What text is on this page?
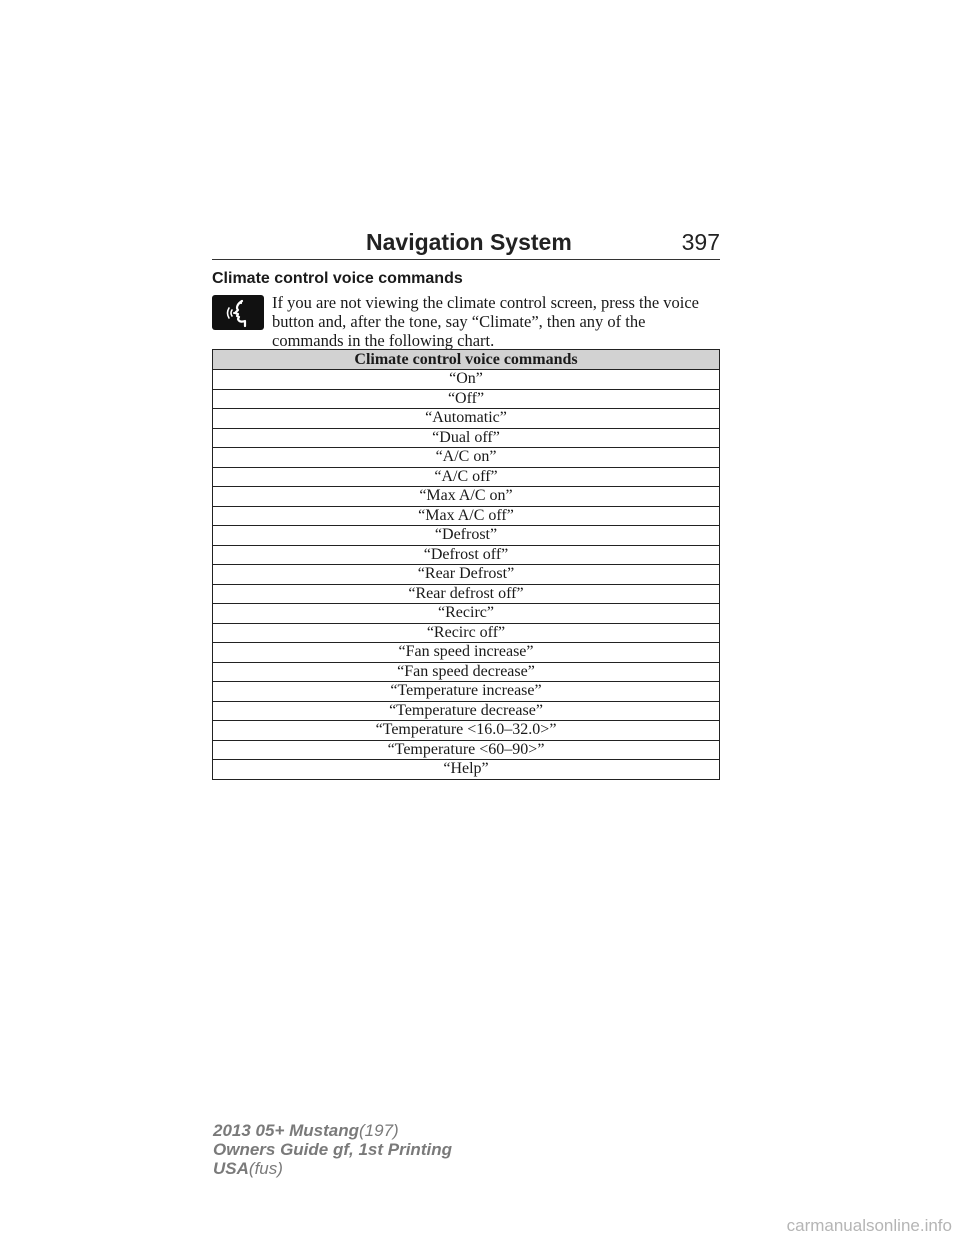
Navigation System	397
Climate control voice commands

If you are not viewing the climate control screen, press the voice button and, after the tone, say “Climate”, then any of the commands in the following chart.

Climate control voice commands
“On”
“Off”
“Automatic”
“Dual off”
“A/C on”
“A/C off”
“Max A/C on”
“Max A/C off”
“Defrost”
“Defrost off”
“Rear Defrost”
“Rear defrost off”
“Recirc”
“Recirc off”
“Fan speed increase”
“Fan speed decrease”
“Temperature increase”
“Temperature decrease”
“Temperature <16.0–32.0>”
“Temperature <60–90>”
“Help”
2013 05+ Mustang(197)
Owners Guide gf, 1st Printing
USA(fus)
carmanualsonline.info
